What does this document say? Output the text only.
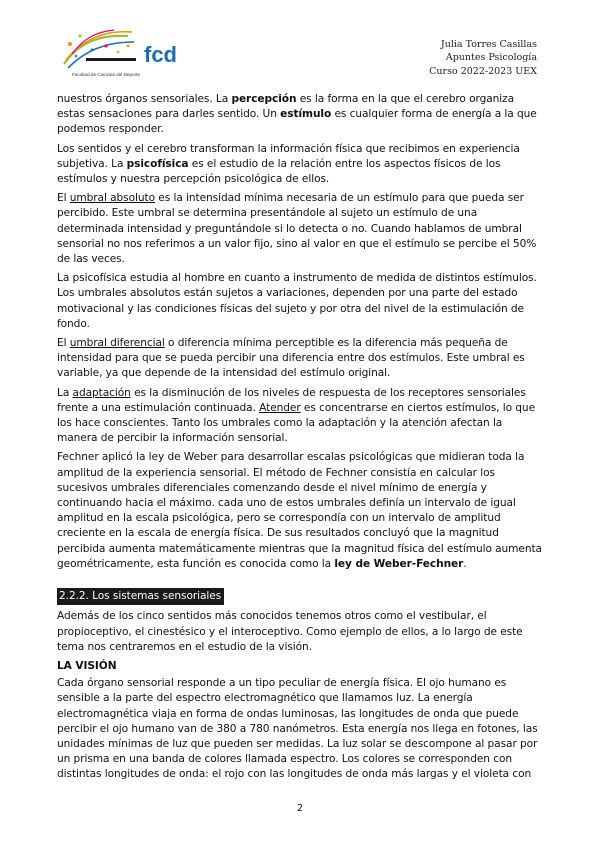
fcd
Facultad de Ciencias del Deporte
Julia Torres Casillas
Apuntes Psicología
Curso 2022-2023 UEX

nuestros órganos sensoriales. La percepción es la forma en la que el cerebro organiza estas sensaciones para darles sentido. Un estímulo es cualquier forma de energía a la que podemos responder.

Los sentidos y el cerebro transforman la información física que recibimos en experiencia subjetiva. La psicofísica es el estudio de la relación entre los aspectos físicos de los estímulos y nuestra percepción psicológica de ellos.

El umbral absoluto es la intensidad mínima necesaria de un estímulo para que pueda ser percibido. Este umbral se determina presentándole al sujeto un estímulo de una determinada intensidad y preguntándole si lo detecta o no. Cuando hablamos de umbral sensorial no nos referimos a un valor fijo, sino al valor en que el estímulo se percibe el 50% de las veces.

La psicofísica estudia al hombre en cuanto a instrumento de medida de distintos estímulos. Los umbrales absolutos están sujetos a variaciones, dependen por una parte del estado motivacional y las condiciones físicas del sujeto y por otra del nivel de la estimulación de fondo.

El umbral diferencial o diferencia mínima perceptible es la diferencia más pequeña de intensidad para que se pueda percibir una diferencia entre dos estímulos. Este umbral es variable, ya que depende de la intensidad del estímulo original.

La adaptación es la disminución de los niveles de respuesta de los receptores sensoriales frente a una estimulación continuada. Atender es concentrarse en ciertos estímulos, lo que los hace conscientes. Tanto los umbrales como la adaptación y la atención afectan la manera de percibir la información sensorial.

Fechner aplicó la ley de Weber para desarrollar escalas psicológicas que midieran toda la amplitud de la experiencia sensorial. El método de Fechner consistía en calcular los sucesivos umbrales diferenciales comenzando desde el nivel mínimo de energía y continuando hacia el máximo. cada uno de estos umbrales definía un intervalo de igual amplitud en la escala psicológica, pero se correspondía con un intervalo de amplitud creciente en la escala de energía física. De sus resultados concluyó que la magnitud percibida aumenta matemáticamente mientras que la magnitud física del estímulo aumenta geométricamente, esta función es conocida como la ley de Weber-Fechner.

2.2.2. Los sistemas sensoriales

Además de los cinco sentidos más conocidos tenemos otros como el vestibular, el propioceptivo, el cinestésico y el interoceptivo. Como ejemplo de ellos, a lo largo de este tema nos centraremos en el estudio de la visión.

LA VISIÓN

Cada órgano sensorial responde a un tipo peculiar de energía física. El ojo humano es sensible a la parte del espectro electromagnético que llamamos luz. La energía electromagnética viaja en forma de ondas luminosas, las longitudes de onda que puede percibir el ojo humano van de 380 a 780 nanómetros. Esta energía nos llega en fotones, las unidades mínimas de luz que pueden ser medidas. La luz solar se descompone al pasar por un prisma en una banda de colores llamada espectro. Los colores se corresponden con distintas longitudes de onda: el rojo con las longitudes de onda más largas y el violeta con

2
